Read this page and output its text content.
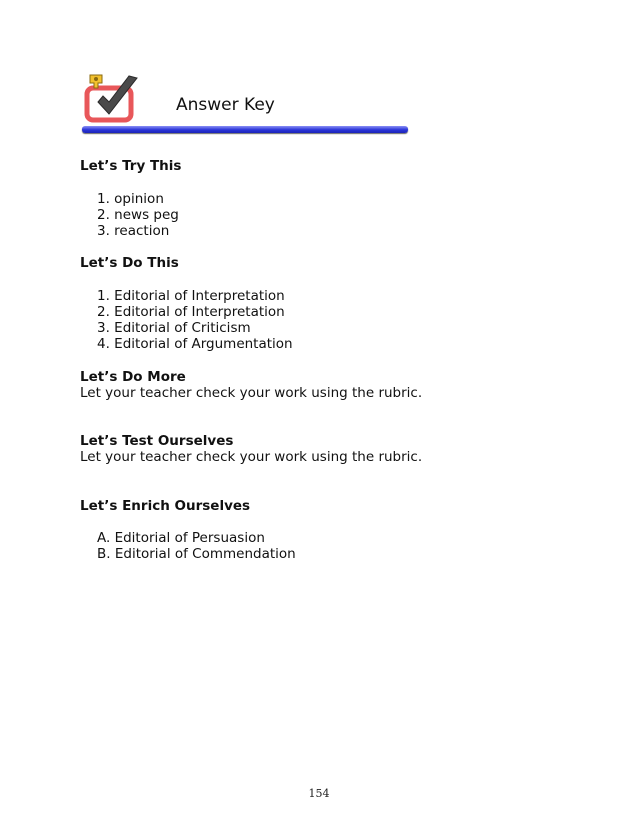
Answer Key
Let’s Try This
1. opinion
2. news peg
3. reaction
Let’s Do This
1. Editorial of Interpretation
2. Editorial of Interpretation
3. Editorial of Criticism
4. Editorial of Argumentation
Let’s Do More
Let your teacher check your work using the rubric.
Let’s Test Ourselves
Let your teacher check your work using the rubric.
Let’s Enrich Ourselves
A. Editorial of Persuasion
B. Editorial of Commendation
154
